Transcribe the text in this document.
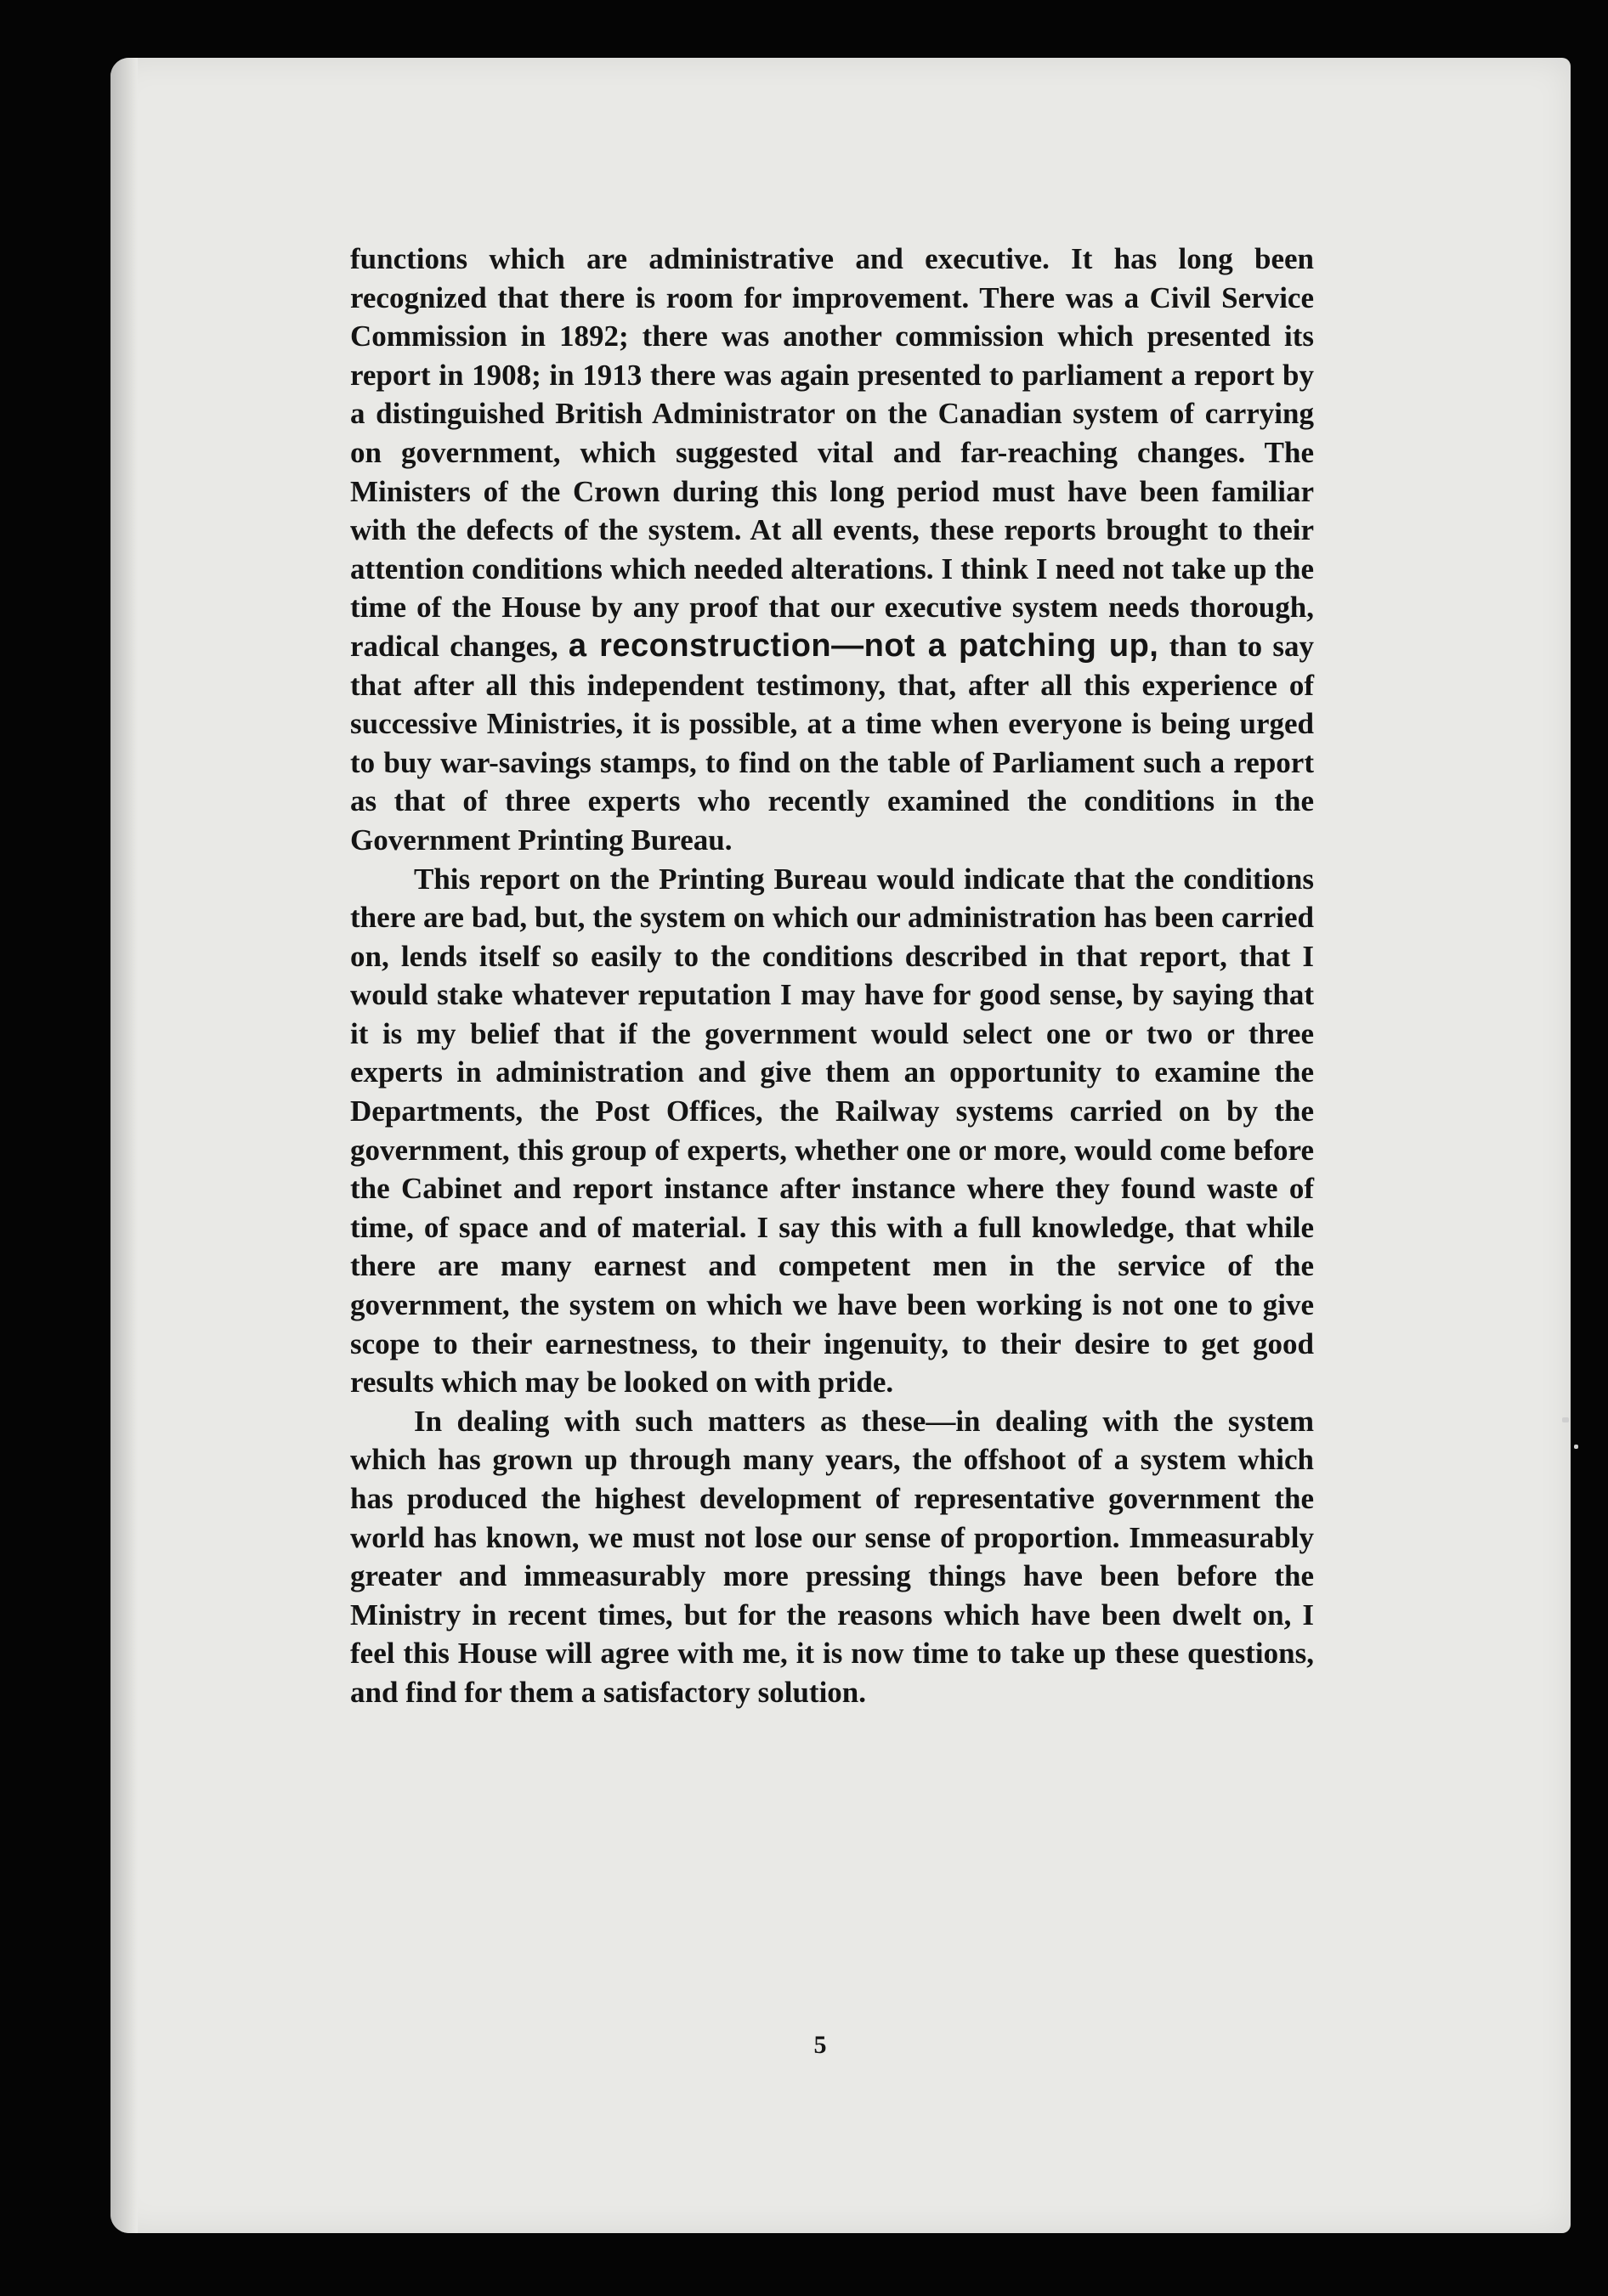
functions which are administrative and executive. It has long been recognized that there is room for improvement. There was a Civil Service Commission in 1892; there was another commission which presented its report in 1908; in 1913 there was again presented to parliament a report by a distinguished British Administrator on the Canadian system of carrying on government, which suggested vital and far-reaching changes. The Ministers of the Crown during this long period must have been familiar with the defects of the system. At all events, these reports brought to their attention conditions which needed alterations. I think I need not take up the time of the House by any proof that our executive system needs thorough, radical changes, a reconstruction—not a patching up, than to say that after all this independent testimony, that, after all this experience of successive Ministries, it is possible, at a time when everyone is being urged to buy war-savings stamps, to find on the table of Parliament such a report as that of three experts who recently examined the conditions in the Government Printing Bureau.

This report on the Printing Bureau would indicate that the conditions there are bad, but, the system on which our administration has been carried on, lends itself so easily to the conditions described in that report, that I would stake whatever reputation I may have for good sense, by saying that it is my belief that if the government would select one or two or three experts in administration and give them an opportunity to examine the Departments, the Post Offices, the Railway systems carried on by the government, this group of experts, whether one or more, would come before the Cabinet and report instance after instance where they found waste of time, of space and of material. I say this with a full knowledge, that while there are many earnest and competent men in the service of the government, the system on which we have been working is not one to give scope to their earnestness, to their ingenuity, to their desire to get good results which may be looked on with pride.

In dealing with such matters as these—in dealing with the system which has grown up through many years, the offshoot of a system which has produced the highest development of representative government the world has known, we must not lose our sense of proportion. Immeasurably greater and immeasurably more pressing things have been before the Ministry in recent times, but for the reasons which have been dwelt on, I feel this House will agree with me, it is now time to take up these questions, and find for them a satisfactory solution.

5
